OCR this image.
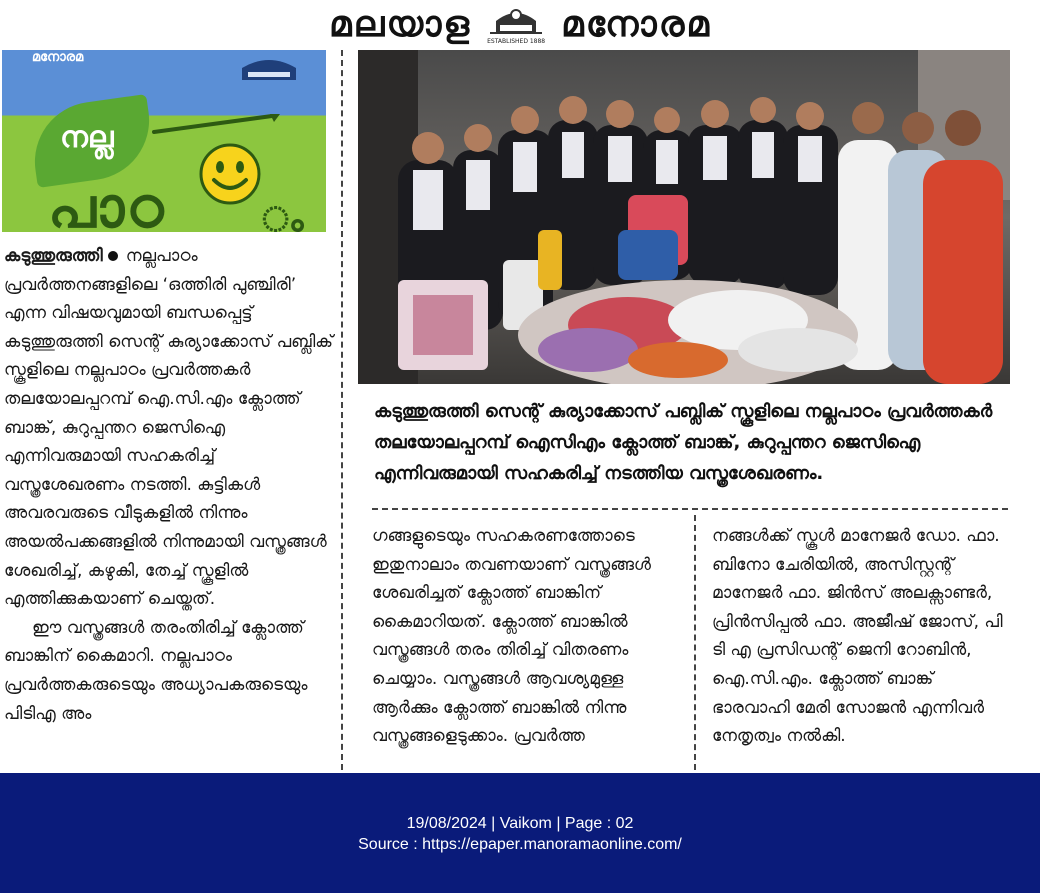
മലയാള	ESTABLISHED 1888 മനോരമ
മനോരമ
നല്ല
പാഠ	ം
കടുത്തുരുത്തി സെന്റ് കുര്യാക്കോസ് പബ്ലിക് സ്കൂളിലെ നല്ലപാഠം പ്രവർത്തകർ തലയോലപ്പറമ്പ് ഐസിഎം ക്ലോത്ത് ബാങ്ക്, കുറുപ്പന്തറ ജെസിഐ എന്നിവരുമായി സഹകരിച്ച് നടത്തിയ വസ്ത്രശേഖരണം.

കടുത്തുരുത്തി നല്ലപാഠം പ്രവർത്തനങ്ങളിലെ ‘ഒത്തിരി പുഞ്ചിരി’ എന്ന വിഷയവുമായി ബന്ധപ്പെട്ട് കടുത്തുരുത്തി സെന്റ് കുര്യാക്കോസ് പബ്ലിക് സ്കൂളിലെ നല്ലപാഠം പ്രവർത്തകർ തലയോലപ്പറമ്പ് ഐ.സി.എം ക്ലോത്ത് ബാങ്ക്, കുറുപ്പന്തറ ജെസിഐ എന്നിവരുമായി സഹകരിച്ച് വസ്ത്രശേഖരണം നടത്തി. കുട്ടികൾ അവരവരുടെ വീടുകളിൽ നിന്നും അയൽപക്കങ്ങളിൽ നിന്നുമായി വസ്ത്രങ്ങൾ ശേഖരിച്ച്, കഴുകി, തേച്ച് സ്കൂളിൽ എത്തിക്കുകയാണ് ചെയ്തത്.

ഈ വസ്ത്രങ്ങൾ തരംതിരിച്ച് ക്ലോത്ത് ബാങ്കിന് കൈമാറി. നല്ലപാഠം പ്രവർത്തകരുടെയും അധ്യാപകരുടെയും പിടിഎ അം

ഗങ്ങളുടെയും സഹകരണത്തോടെ ഇതുനാലാം തവണയാണ് വസ്ത്രങ്ങൾ ശേഖരിച്ചത് ക്ലോത്ത് ബാങ്കിന് കൈമാറിയത്. ക്ലോത്ത് ബാങ്കിൽ വസ്ത്രങ്ങൾ തരം തിരിച്ച് വിതരണം ചെയ്യാം. വസ്ത്രങ്ങൾ ആവശ്യമുള്ള ആർക്കും ക്ലോത്ത് ബാങ്കിൽ നിന്നു വസ്ത്രങ്ങളെടുക്കാം. പ്രവർത്ത

നങ്ങൾക്ക് സ്കൂൾ മാനേജർ ഡോ. ഫാ. ബിനോ ചേരിയിൽ, അസിസ്റ്റന്റ് മാനേജർ ഫാ. ജിൻസ് അലക്സാണ്ടർ, പ്രിൻസിപ്പൽ ഫാ. അജീഷ് ജോസ്, പി ടി എ പ്രസിഡന്റ് ജെനി റോബിൻ, ഐ.സി.എം. ക്ലോത്ത് ബാങ്ക് ഭാരവാഹി മേരി സോജൻ എന്നിവർ നേതൃത്വം നൽകി.

19/08/2024 | Vaikom | Page : 02
Source : https://epaper.manoramaonline.com/
